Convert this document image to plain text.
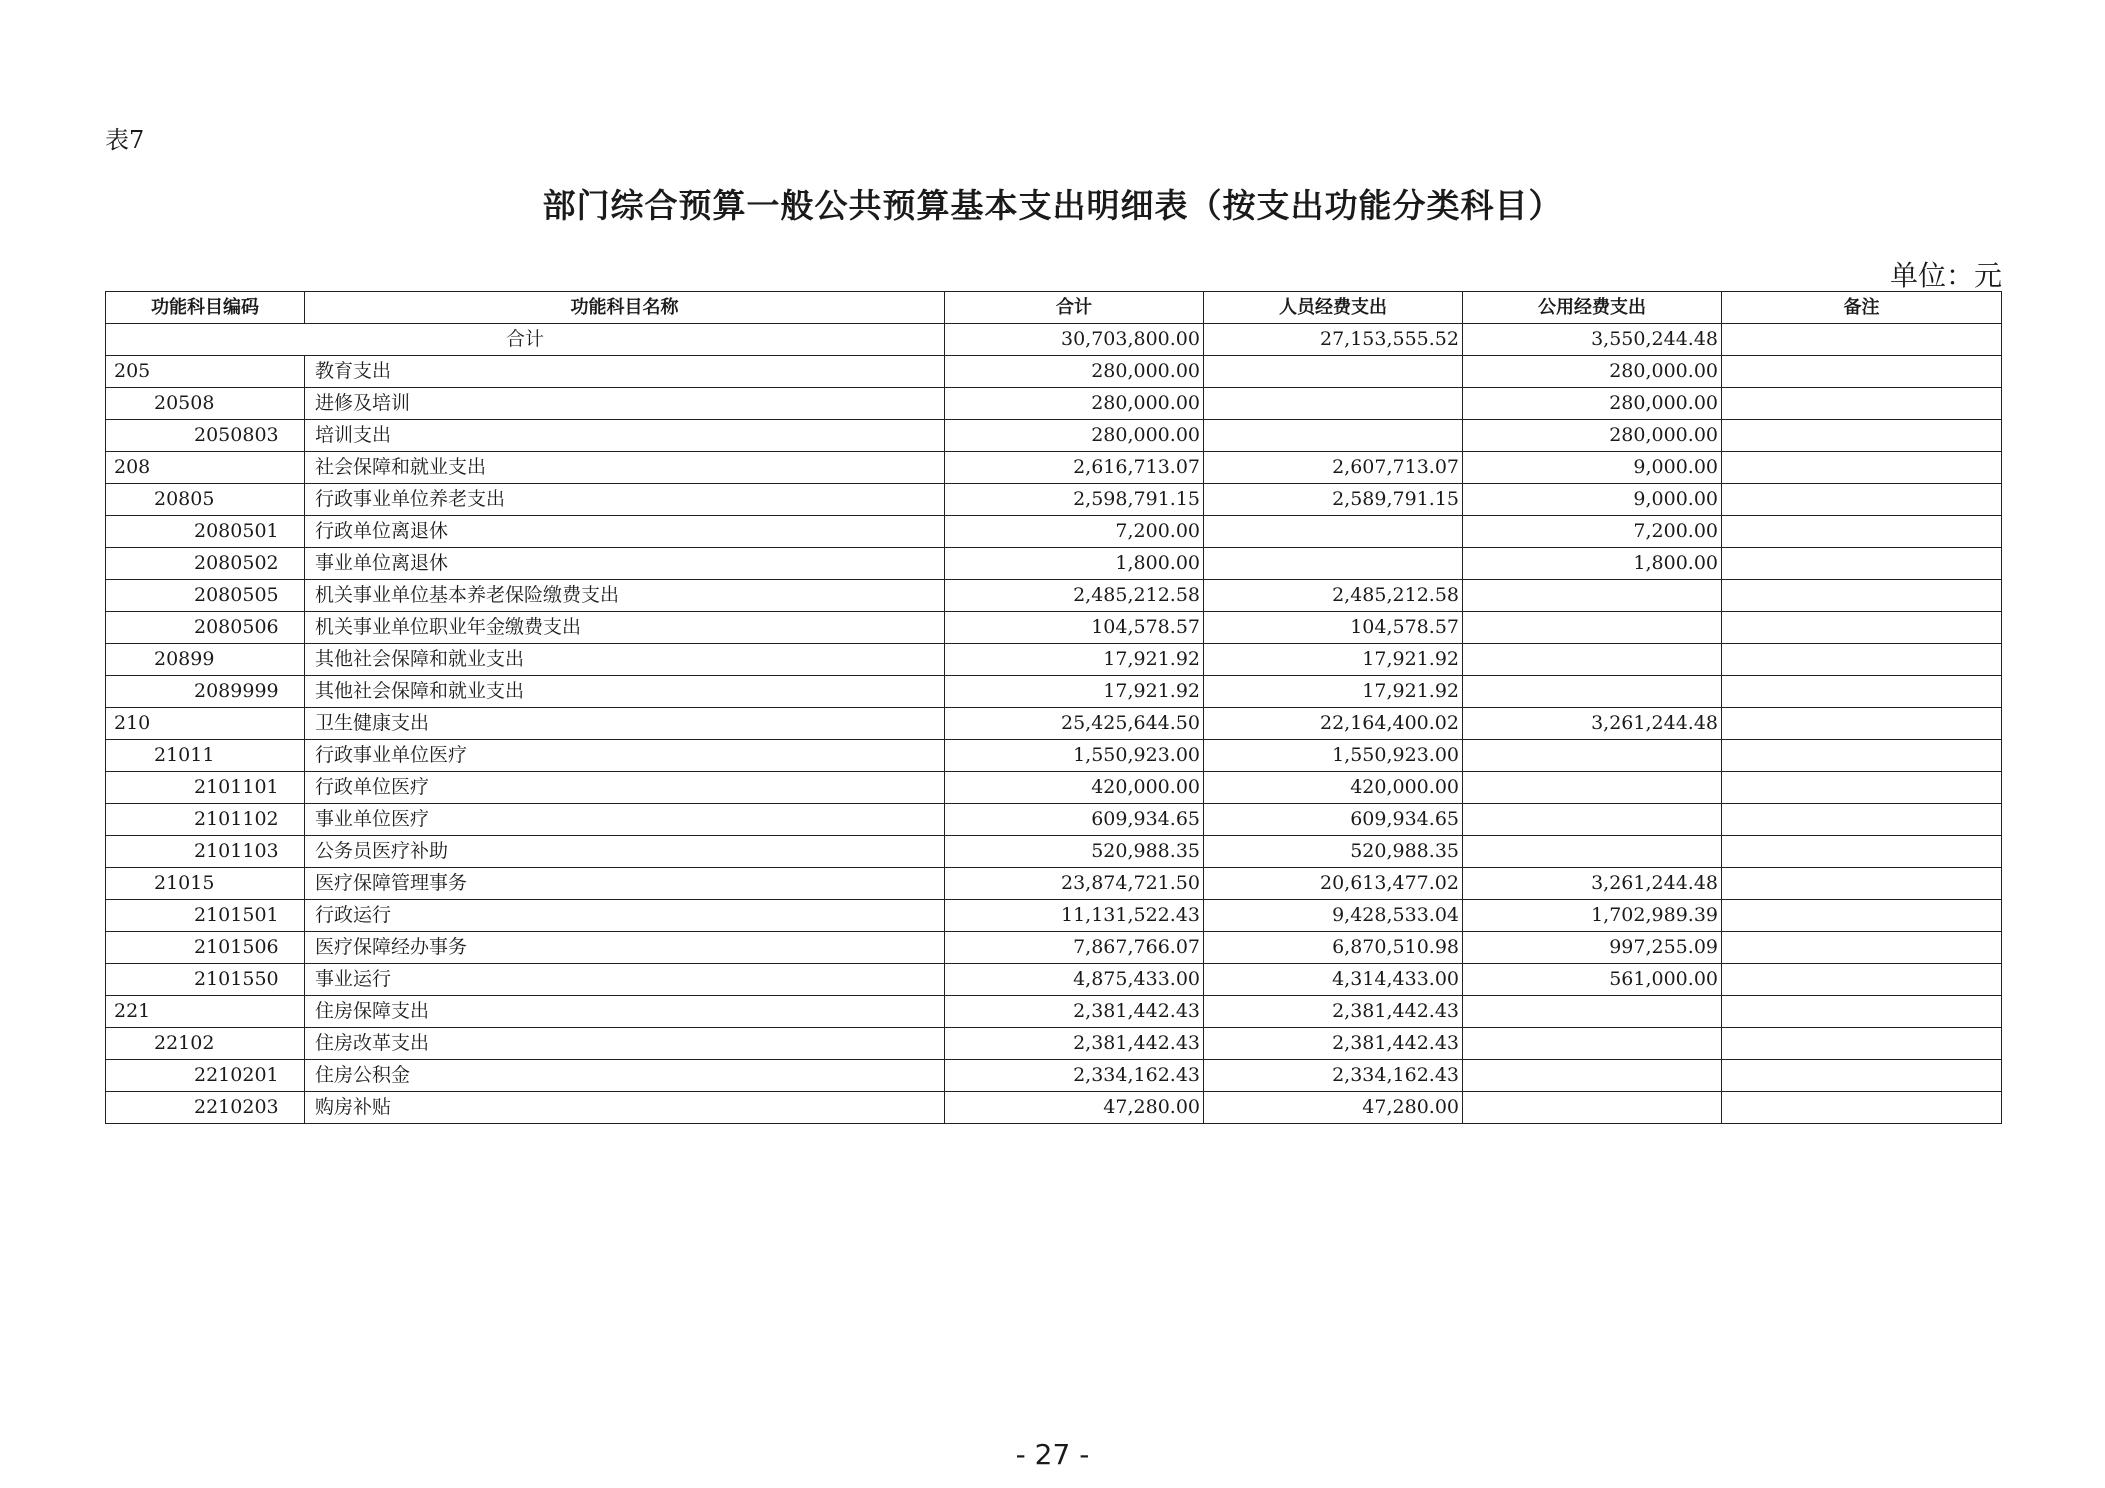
表7
部门综合预算一般公共预算基本支出明细表（按支出功能分类科目）
单位：元
功能科目编码	功能科目名称	合计	人员经费支出	公用经费支出	备注
合计		30,703,800.00	27,153,555.52	3,550,244.48	
205	教育支出	280,000.00		280,000.00	
20508	进修及培训	280,000.00		280,000.00	
2050803	培训支出	280,000.00		280,000.00	
208	社会保障和就业支出	2,616,713.07	2,607,713.07	9,000.00	
20805	行政事业单位养老支出	2,598,791.15	2,589,791.15	9,000.00	
2080501	行政单位离退休	7,200.00		7,200.00	
2080502	事业单位离退休	1,800.00		1,800.00	
2080505	机关事业单位基本养老保险缴费支出	2,485,212.58	2,485,212.58		
2080506	机关事业单位职业年金缴费支出	104,578.57	104,578.57		
20899	其他社会保障和就业支出	17,921.92	17,921.92		
2089999	其他社会保障和就业支出	17,921.92	17,921.92		
210	卫生健康支出	25,425,644.50	22,164,400.02	3,261,244.48	
21011	行政事业单位医疗	1,550,923.00	1,550,923.00		
2101101	行政单位医疗	420,000.00	420,000.00		
2101102	事业单位医疗	609,934.65	609,934.65		
2101103	公务员医疗补助	520,988.35	520,988.35		
21015	医疗保障管理事务	23,874,721.50	20,613,477.02	3,261,244.48	
2101501	行政运行	11,131,522.43	9,428,533.04	1,702,989.39	
2101506	医疗保障经办事务	7,867,766.07	6,870,510.98	997,255.09	
2101550	事业运行	4,875,433.00	4,314,433.00	561,000.00	
221	住房保障支出	2,381,442.43	2,381,442.43		
22102	住房改革支出	2,381,442.43	2,381,442.43		
2210201	住房公积金	2,334,162.43	2,334,162.43		
2210203	购房补贴	47,280.00	47,280.00		
- 27 -
